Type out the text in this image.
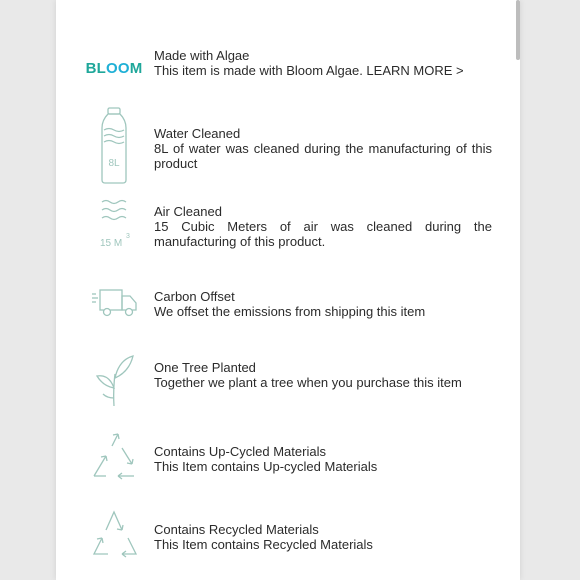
BLOOM
Made with Algae
This item is made with Bloom Algae. LEARN MORE >
8L
Water Cleaned
8L of water was cleaned during the manufacturing of this product
15 M
3
Air Cleaned
15 Cubic Meters of air was cleaned during the manufacturing of this product.
Carbon Offset
We offset the emissions from shipping this item
One Tree Planted
Together we plant a tree when you purchase this item
Contains Up-Cycled Materials
This Item contains Up-cycled Materials
Contains Recycled Materials
This Item contains Recycled Materials
